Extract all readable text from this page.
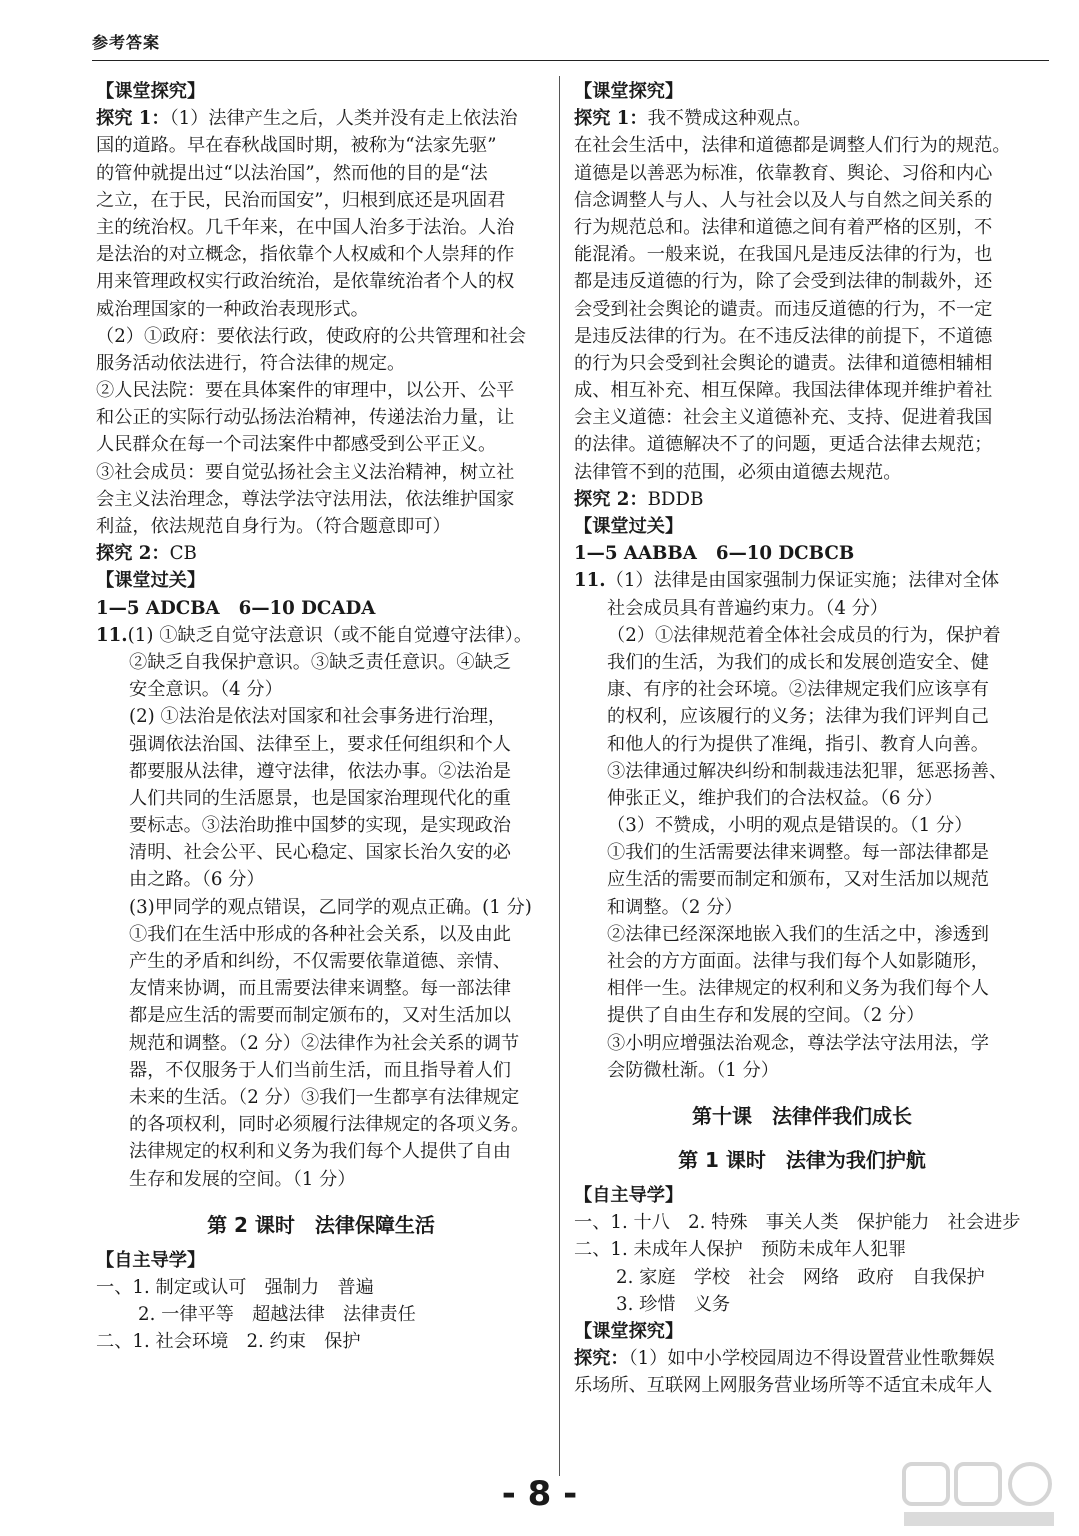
参考答案
【课堂探究】
探究 1：（1）法律产生之后，人类并没有走上依法治
国的道路。早在春秋战国时期，被称为“法家先驱”
的管仲就提出过“以法治国”，然而他的目的是“法
之立，在于民，民治而国安”，归根到底还是巩固君
主的统治权。几千年来，在中国人治多于法治。人治
是法治的对立概念，指依靠个人权威和个人崇拜的作
用来管理政权实行政治统治，是依靠统治者个人的权
威治理国家的一种政治表现形式。
（2）①政府：要依法行政，使政府的公共管理和社会
服务活动依法进行，符合法律的规定。
②人民法院：要在具体案件的审理中，以公开、公平
和公正的实际行动弘扬法治精神，传递法治力量，让
人民群众在每一个司法案件中都感受到公平正义。
③社会成员：要自觉弘扬社会主义法治精神，树立社
会主义法治理念，尊法学法守法用法，依法维护国家
利益，依法规范自身行为。（符合题意即可）
探究 2：CB
【课堂过关】
1—5 ADCBA 6—10 DCADA
11.(1) ①缺乏自觉守法意识（或不能自觉遵守法律）。
②缺乏自我保护意识。③缺乏责任意识。④缺乏
安全意识。（4 分）
(2) ①法治是依法对国家和社会事务进行治理，
强调依法治国、法律至上，要求任何组织和个人
都要服从法律，遵守法律，依法办事。②法治是
人们共同的生活愿景，也是国家治理现代化的重
要标志。③法治助推中国梦的实现，是实现政治
清明、社会公平、民心稳定、国家长治久安的必
由之路。（6 分）
(3)甲同学的观点错误，乙同学的观点正确。(1 分)
①我们在生活中形成的各种社会关系，以及由此
产生的矛盾和纠纷，不仅需要依靠道德、亲情、
友情来协调，而且需要法律来调整。每一部法律
都是应生活的需要而制定颁布的，又对生活加以
规范和调整。（2 分）②法律作为社会关系的调节
器，不仅服务于人们当前生活，而且指导着人们
未来的生活。（2 分）③我们一生都享有法律规定
的各项权利，同时必须履行法律规定的各项义务。
法律规定的权利和义务为我们每个人提供了自由
生存和发展的空间。（1 分）
第 2 课时　法律保障生活
【自主导学】
一、1. 制定或认可　强制力　普遍
2. 一律平等　超越法律　法律责任
二、1. 社会环境　2. 约束　保护
【课堂探究】
探究 1：我不赞成这种观点。
在社会生活中，法律和道德都是调整人们行为的规范。
道德是以善恶为标准，依靠教育、舆论、习俗和内心
信念调整人与人、人与社会以及人与自然之间关系的
行为规范总和。法律和道德之间有着严格的区别，不
能混淆。一般来说，在我国凡是违反法律的行为，也
都是违反道德的行为，除了会受到法律的制裁外，还
会受到社会舆论的谴责。而违反道德的行为，不一定
是违反法律的行为。在不违反法律的前提下，不道德
的行为只会受到社会舆论的谴责。法律和道德相辅相
成、相互补充、相互保障。我国法律体现并维护着社
会主义道德：社会主义道德补充、支持、促进着我国
的法律。道德解决不了的问题，更适合法律去规范；
法律管不到的范围，必须由道德去规范。
探究 2：BDDB
【课堂过关】
1—5 AABBA 6—10 DCBCB
11.（1）法律是由国家强制力保证实施；法律对全体
社会成员具有普遍约束力。（4 分）
（2）①法律规范着全体社会成员的行为，保护着
我们的生活，为我们的成长和发展创造安全、健
康、有序的社会环境。②法律规定我们应该享有
的权利，应该履行的义务；法律为我们评判自己
和他人的行为提供了准绳，指引、教育人向善。
③法律通过解决纠纷和制裁违法犯罪，惩恶扬善、
伸张正义，维护我们的合法权益。（6 分）
（3）不赞成，小明的观点是错误的。（1 分）
①我们的生活需要法律来调整。每一部法律都是
应生活的需要而制定和颁布，又对生活加以规范
和调整。（2 分）
②法律已经深深地嵌入我们的生活之中，渗透到
社会的方方面面。法律与我们每个人如影随形，
相伴一生。法律规定的权利和义务为我们每个人
提供了自由生存和发展的空间。（2 分）
③小明应增强法治观念，尊法学法守法用法，学
会防微杜渐。（1 分）
第十课　法律伴我们成长
第 1 课时　法律为我们护航
【自主导学】
一、1. 十八　2. 特殊　事关人类　保护能力　社会进步
二、1. 未成年人保护　预防未成年人犯罪
2. 家庭　学校　社会　网络　政府　自我保护
3. 珍惜　义务
【课堂探究】
探究：（1）如中小学校园周边不得设置营业性歌舞娱
乐场所、互联网上网服务营业场所等不适宜未成年人
- 8 -
